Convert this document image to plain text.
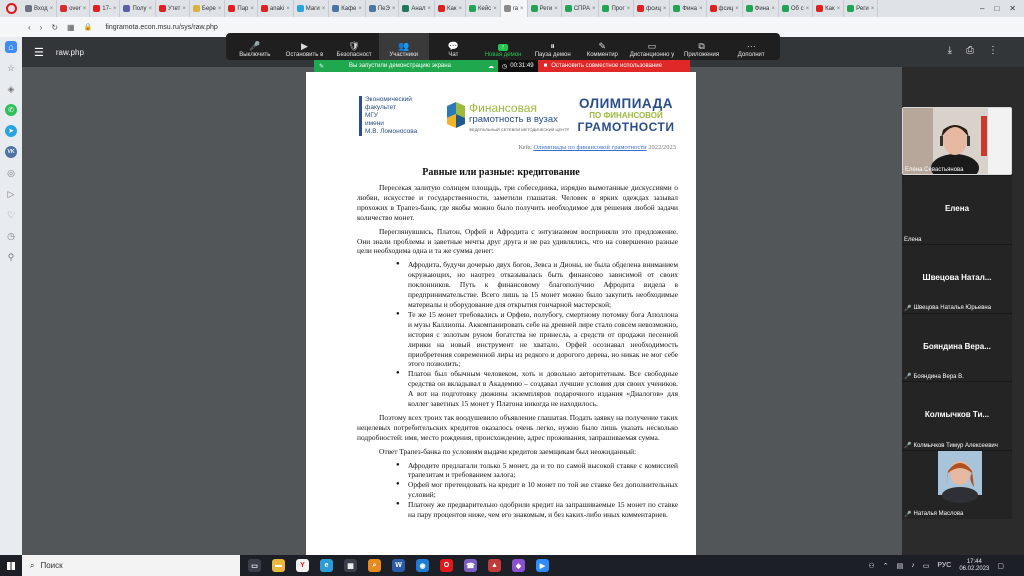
Вход ×	over ×	17- ×	Полу ×	Утет ×	Бере ×	Пар ×	anaki ×	Маги ×	Кафе ×	ПеЭ ×	Анал ×	Как ×	Кейс ×	ra ×	Реги ×	СПРА ×	Прог ×	фсиц ×	Фина ×	фсиц ×	Фина ×	Об с ×	Как ×	Реги ×	– □ ✕
‹ › ↻ ▦ 🔒 fingramota.econ.msu.ru/sys/raw.php
⌂
☆
◈
✆
➤
VK
◎
▷
♡
◷
⚲
☰ raw.php	⤓ ⎙ ⋮
🎤
Выключить
▶
Остановить в
🛡
Безопасност
👥
Участники
💬
Чат
↑
Новая демон
⏸
Пауза демон
✎
Комментир
▭
Дистанционно у
⧉
Приложения
···
Дополнит
✎	Вы запустили демонстрацию экрана	☁	◷ 00:31:49 ■ Остановить совместное использование
Экономический
факультет
МГУ
имени
М.В. Ломоносова
Финансовая
грамотность в вузах
ФЕДЕРАЛЬНЫЙ СЕТЕВОЙ МЕТОДИЧЕСКИЙ ЦЕНТР
ОЛИМПИАДА
ПО ФИНАНСОВОЙ
ГРАМОТНОСТИ
Кейс Олимпиады по финансовой грамотности 2022/2023
Равные или разные: кредитование

Пересекая залитую солнцем площадь, три собеседника, изрядно вымотанные дискуссиями о любви, искусстве и государственности, заметили глашатая. Человек в ярких одеждах зазывал прохожих в Трапез-банк, где якобы можно было получить необходимое для решения любой задачи количество монет.

Переглянувшись, Платон, Орфей и Афродита с энтузиазмом восприняли это предложение. Они знали проблемы и заветные мечты друг друга и не раз удивлялись, что на совершенно разные цели необходима одна и та же сумма денег:

● Афродита, будучи дочерью двух богов, Зевса и Дионы, не была обделена вниманием окружающих, но наотрез отказывалась быть финансово зависимой от своих поклонников. Путь к финансовому благополучию Афродита видела в предпринимательстве. Всего лишь за 15 монет можно было закупить необходимые материалы и оборудование для открытия гончарной мастерской;
● Те же 15 монет требовались и Орфею, полубогу, смертному потомку бога Аполлона и музы Каллиопы. Аккомпанировать себе на древней лире стало совсем невозможно, история с золотым руном богатства не принесла, а средств от продажи песенной лирики на новый инструмент не хватало. Орфей осознавал необходимость приобретения современной лиры из редкого и дорогого дерева, но никак не мог себе этого позволить;
● Платон был обычным человеком, хоть и довольно авторитетным. Все свободные средства он вкладывал в Академию – создавал лучшие условия для своих учеников. А вот на подготовку дюжины экземпляров подарочного издания «Диалогов» для коллег заветных 15 монет у Платона никогда не находилось.

Поэтому всех троих так воодушевило объявление глашатая. Подать заявку на получение таких нецелевых потребительских кредитов оказалось очень легко, нужно было лишь указать несколько подробностей: имя, место рождения, происхождение, адрес проживания, запрашиваемая сумма.

Ответ Трапез-банка по условиям выдачи кредитов заемщикам был неожиданный:

● Афродите предлагали только 5 монет, да и то по самой высокой ставке с комиссией трапезитам и требованием залога;
● Орфей мог претендовать на кредит в 10 монет по той же ставке без дополнительных условий;
● Платону же предварительно одобрили кредит на запрашиваемые 15 монет по ставке на пару процентов ниже, чем его знакомым, и без каких-либо иных комментариев.
Елена Севастьянова
Елена
Елена
Швецова Натал...
🎤 Швецова Наталья Юрьевна
Бояндина Вера...
🎤 Бояндина Вера В.
Колмычков Ти...
🎤 Колмычков Тимур Алексеевич
🎤 Наталья Маслова
⌕ Поиск	▭ ▬	Y	e	▦	⌕	W	◉	O ☎ ▲	◆	▶	⚇ ⌃ ▤ ♪ ▭ РУС
17:44
06.02.2023 ▢
